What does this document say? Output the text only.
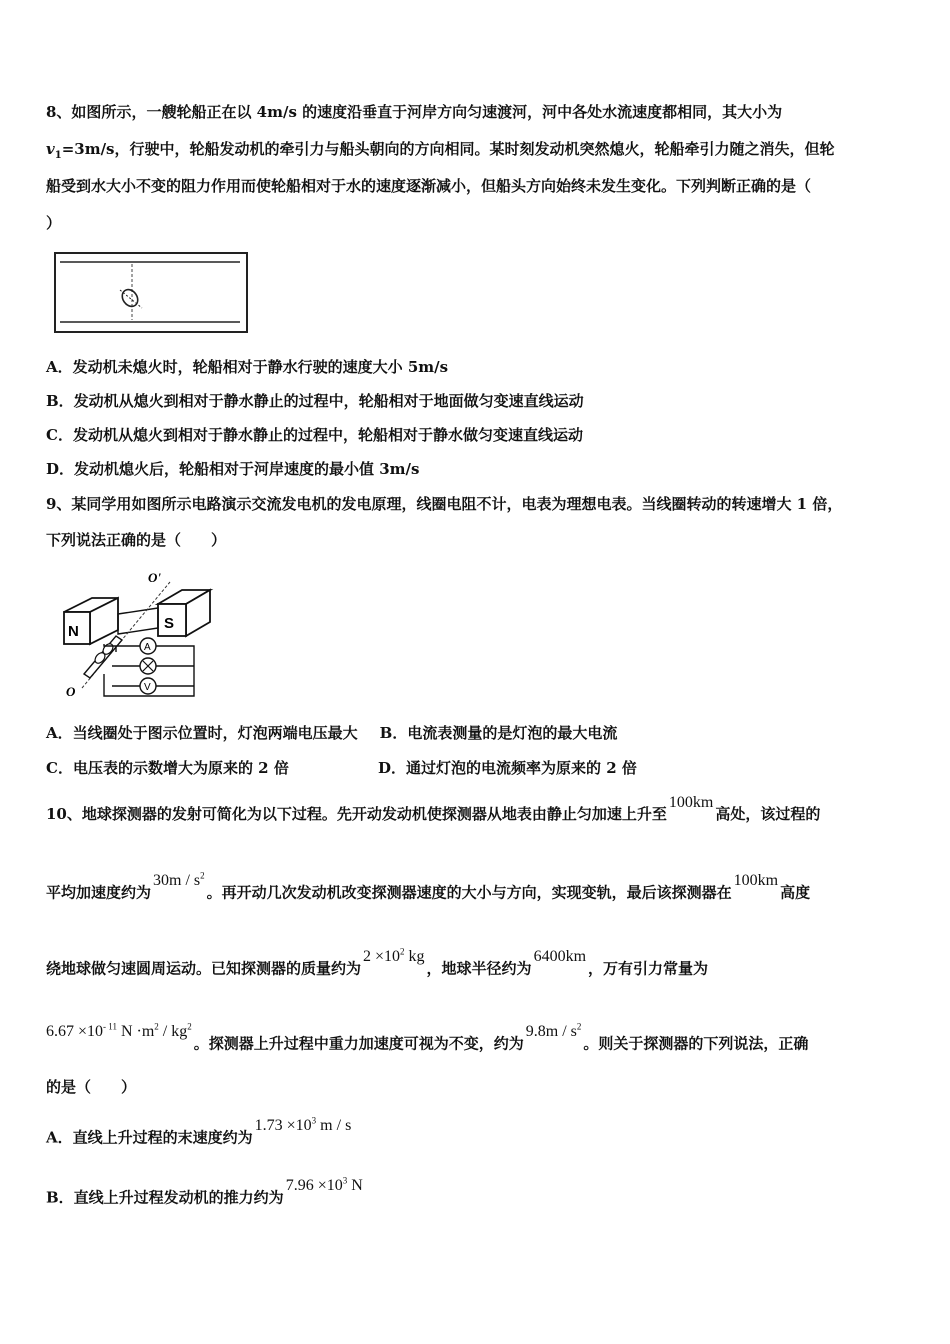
8、如图所示，一艘轮船正在以 4m/s 的速度沿垂直于河岸方向匀速渡河，河中各处水流速度都相同，其大小为
$v_1=3m/s$，行驶中，轮船发动机的牵引力与船头朝向的方向相同。某时刻发动机突然熄火，轮船牵引力随之消失，但轮
船受到水大小不变的阻力作用而使轮船相对于水的速度逐渐减小，但船头方向始终未发生变化。下列判断正确的是（
）
A．发动机未熄火时，轮船相对于静水行驶的速度大小 5m/s
B．发动机从熄火到相对于静水静止的过程中，轮船相对于地面做匀变速直线运动
C．发动机从熄火到相对于静水静止的过程中，轮船相对于静水做匀变速直线运动
D．发动机熄火后，轮船相对于河岸速度的最小值 3m/s
9、某同学用如图所示电路演示交流发电机的发电原理，线圈电阻不计，电表为理想电表。当线圈转动的转速增大 1 倍，
下列说法正确的是（　　）
N	S
O'
O
A
V
A．当线圈处于图示位置时，灯泡两端电压最大 B．电流表测量的是灯泡的最大电流
C．电压表的示数增大为原来的 2 倍	D．通过灯泡的电流频率为原来的 2 倍
10、地球探测器的发射可简化为以下过程。先开动发动机使探测器从地表由静止匀加速上升至100km高处，该过程的
平均加速度约为$30m / s^2$。再开动几次发动机改变探测器速度的大小与方向，实现变轨，最后该探测器在100km高度
绕地球做匀速圆周运动。已知探测器的质量约为$2 \times 10^2$ kg，地球半径约为6400km，万有引力常量为
$6.67 \times 10^{- 11}$ $N \cdot m^2 / kg^2$。探测器上升过程中重力加速度可视为不变，约为$9.8m / s^2$。则关于探测器的下列说法，正确
的是（　　）
A．直线上升过程的末速度约为$1.73 \times 10^3$ m / s
B．直线上升过程发动机的推力约为$7.96 \times 10^3$ N
